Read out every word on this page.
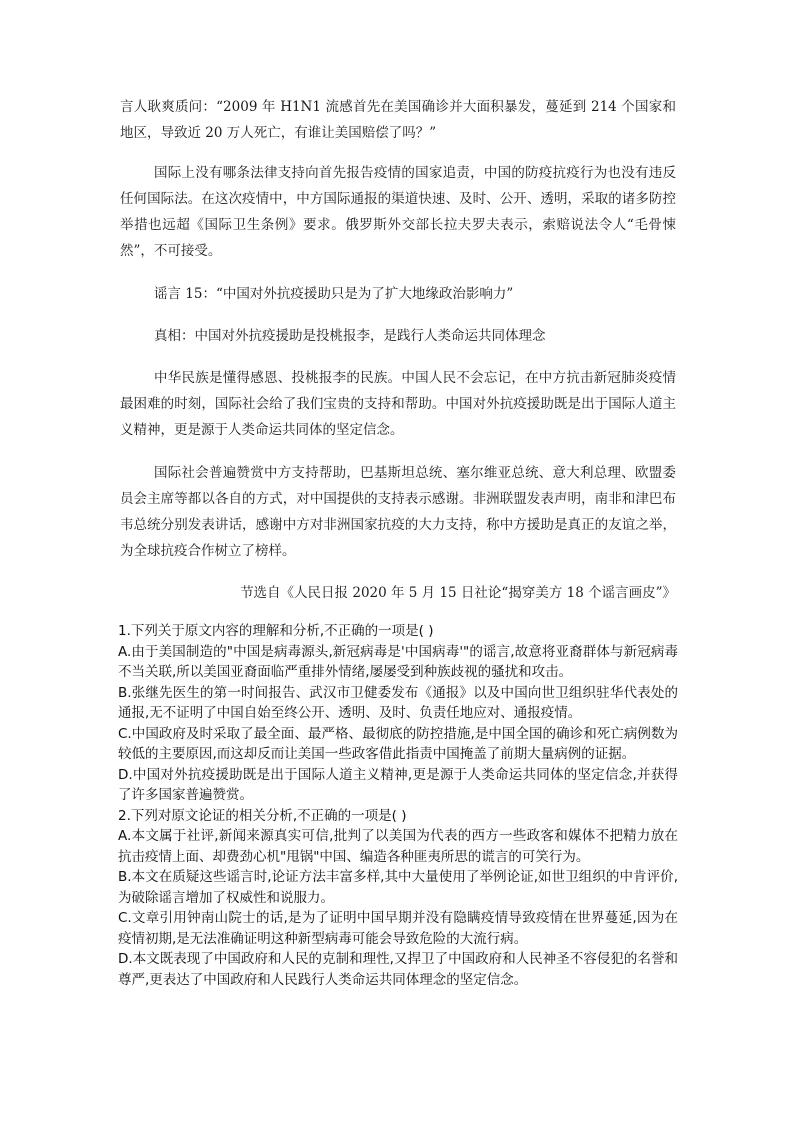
言人耿爽质问：“2009 年 H1N1 流感首先在美国确诊并大面积暴发，蔓延到 214 个国家和地区，导致近 20 万人死亡，有谁让美国赔偿了吗？”

国际上没有哪条法律支持向首先报告疫情的国家追责，中国的防疫抗疫行为也没有违反任何国际法。在这次疫情中，中方国际通报的渠道快速、及时、公开、透明，采取的诸多防控举措也远超《国际卫生条例》要求。俄罗斯外交部长拉夫罗夫表示，索赔说法令人“毛骨悚然”，不可接受。

谣言 15：“中国对外抗疫援助只是为了扩大地缘政治影响力”

真相：中国对外抗疫援助是投桃报李，是践行人类命运共同体理念

中华民族是懂得感恩、投桃报李的民族。中国人民不会忘记，在中方抗击新冠肺炎疫情最困难的时刻，国际社会给了我们宝贵的支持和帮助。中国对外抗疫援助既是出于国际人道主义精神，更是源于人类命运共同体的坚定信念。

国际社会普遍赞赏中方支持帮助，巴基斯坦总统、塞尔维亚总统、意大利总理、欧盟委员会主席等都以各自的方式，对中国提供的支持表示感谢。非洲联盟发表声明，南非和津巴布韦总统分别发表讲话，感谢中方对非洲国家抗疫的大力支持，称中方援助是真正的友谊之举，为全球抗疫合作树立了榜样。

节选自《人民日报 2020 年 5 月 15 日社论“揭穿美方 18 个谣言画皮”》

1.下列关于原文内容的理解和分析,不正确的一项是( )
A.由于美国制造的"中国是病毒源头,新冠病毒是'中国病毒'"的谣言,故意将亚裔群体与新冠病毒不当关联,所以美国亚裔面临严重排外情绪,屡屡受到种族歧视的骚扰和攻击。
B.张继先医生的第一时间报告、武汉市卫健委发布《通报》以及中国向世卫组织驻华代表处的通报,无不证明了中国自始至终公开、透明、及时、负责任地应对、通报疫情。
C.中国政府及时采取了最全面、最严格、最彻底的防控措施,是中国全国的确诊和死亡病例数为较低的主要原因,而这却反而让美国一些政客借此指责中国掩盖了前期大量病例的证据。
D.中国对外抗疫援助既是出于国际人道主义精神,更是源于人类命运共同体的坚定信念,并获得了许多国家普遍赞赏。
2.下列对原文论证的相关分析,不正确的一项是( )
A.本文属于社评,新闻来源真实可信,批判了以美国为代表的西方一些政客和媒体不把精力放在抗击疫情上面、却费劲心机"甩锅"中国、编造各种匪夷所思的谎言的可笑行为。
B.本文在质疑这些谣言时,论证方法丰富多样,其中大量使用了举例论证,如世卫组织的中肯评价,为破除谣言增加了权威性和说服力。
C.文章引用钟南山院士的话,是为了证明中国早期并没有隐瞒疫情导致疫情在世界蔓延,因为在疫情初期,是无法准确证明这种新型病毒可能会导致危险的大流行病。
D.本文既表现了中国政府和人民的克制和理性,又捍卫了中国政府和人民神圣不容侵犯的名誉和尊严,更表达了中国政府和人民践行人类命运共同体理念的坚定信念。
